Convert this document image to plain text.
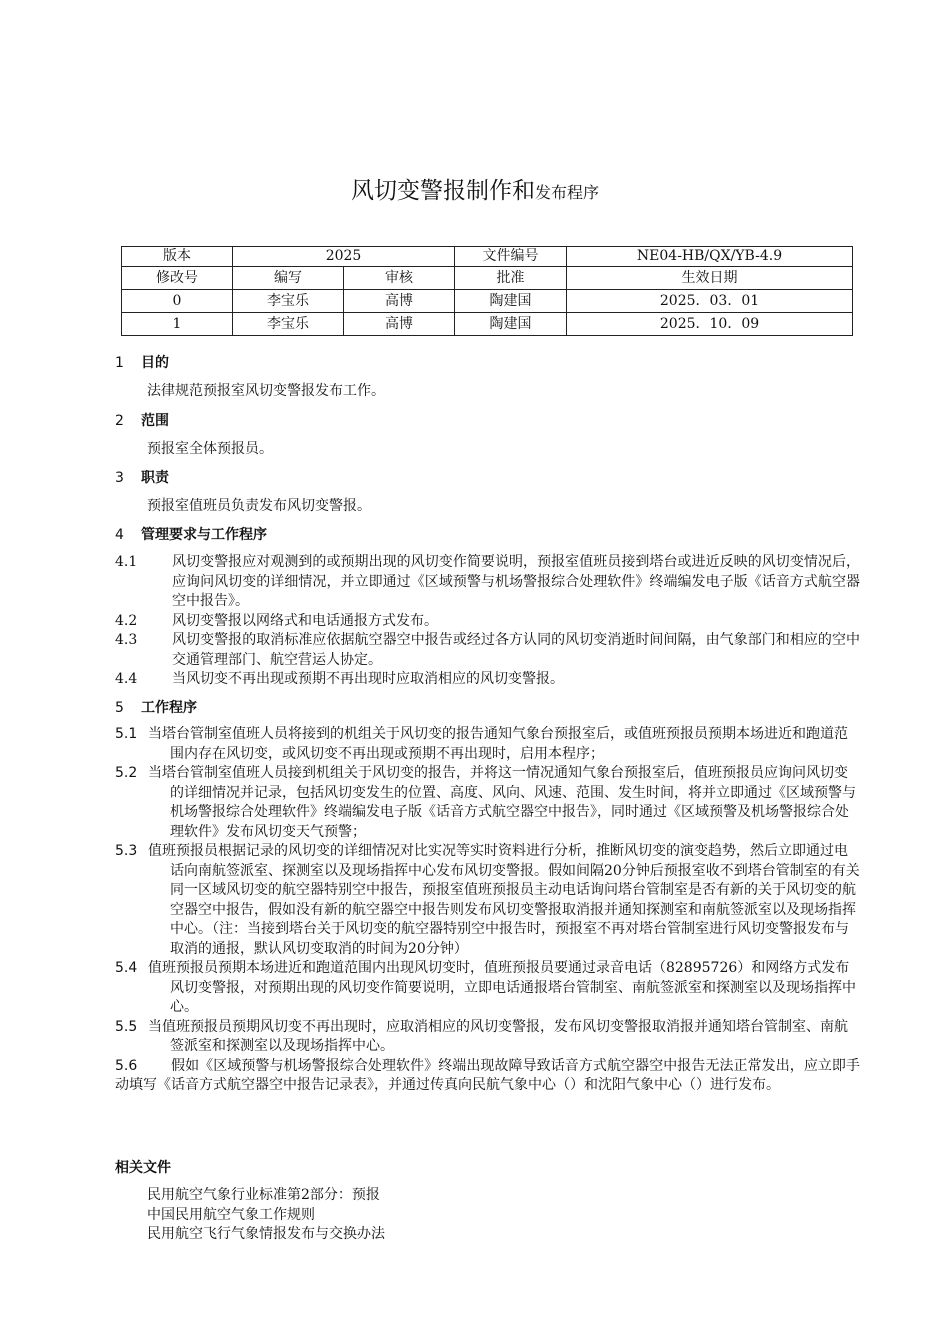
风切变警报制作和发布程序
版本	2025		文件编号	NE04-HB/QX/YB-4.9
修改号	编写	审核	批准	生效日期
0	李宝乐	高博	陶建国	2025．03．01
1	李宝乐	高博	陶建国	2025．10．09
1 目的
法律规范预报室风切变警报发布工作。
2 范围
预报室全体预报员。
3 职责
预报室值班员负责发布风切变警报。
4 管理要求与工作程序
4.1 风切变警报应对观测到的或预期出现的风切变作简要说明，预报室值班员接到塔台或进近反映的风切变情况后，应询问风切变的详细情况，并立即通过《区域预警与机场警报综合处理软件》终端编发电子版《话音方式航空器空中报告》。
4.2 风切变警报以网络式和电话通报方式发布。
4.3 风切变警报的取消标准应依据航空器空中报告或经过各方认同的风切变消逝时间间隔，由气象部门和相应的空中交通管理部门、航空营运人协定。
4.4 当风切变不再出现或预期不再出现时应取消相应的风切变警报。
5 工作程序
5.1 当塔台管制室值班人员将接到的机组关于风切变的报告通知气象台预报室后，或值班预报员预期本场进近和跑道范围内存在风切变，或风切变不再出现或预期不再出现时，启用本程序；
5.2 当塔台管制室值班人员接到机组关于风切变的报告，并将这一情况通知气象台预报室后，值班预报员应询问风切变的详细情况并记录，包括风切变发生的位置、高度、风向、风速、范围、发生时间，将并立即通过《区域预警与机场警报综合处理软件》终端编发电子版《话音方式航空器空中报告》，同时通过《区域预警及机场警报综合处理软件》发布风切变天气预警；
5.3 值班预报员根据记录的风切变的详细情况对比实况等实时资料进行分析，推断风切变的演变趋势，然后立即通过电话向南航签派室、探测室以及现场指挥中心发布风切变警报。假如间隔20分钟后预报室收不到塔台管制室的有关同一区域风切变的航空器特别空中报告，预报室值班预报员主动电话询问塔台管制室是否有新的关于风切变的航空器空中报告，假如没有新的航空器空中报告则发布风切变警报取消报并通知探测室和南航签派室以及现场指挥中心。（注：当接到塔台关于风切变的航空器特别空中报告时，预报室不再对塔台管制室进行风切变警报发布与取消的通报，默认风切变取消的时间为20分钟）
5.4 值班预报员预期本场进近和跑道范围内出现风切变时，值班预报员要通过录音电话（82895726）和网络方式发布风切变警报，对预期出现的风切变作简要说明，立即电话通报塔台管制室、南航签派室和探测室以及现场指挥中心。
5.5 当值班预报员预期风切变不再出现时，应取消相应的风切变警报，发布风切变警报取消报并通知塔台管制室、南航签派室和探测室以及现场指挥中心。
5.6 假如《区域预警与机场警报综合处理软件》终端出现故障导致话音方式航空器空中报告无法正常发出，应立即手动填写《话音方式航空器空中报告记录表》，并通过传真向民航气象中心（）和沈阳气象中心（）进行发布。
相关文件
民用航空气象行业标准第2部分：预报
中国民用航空气象工作规则
民用航空飞行气象情报发布与交换办法
